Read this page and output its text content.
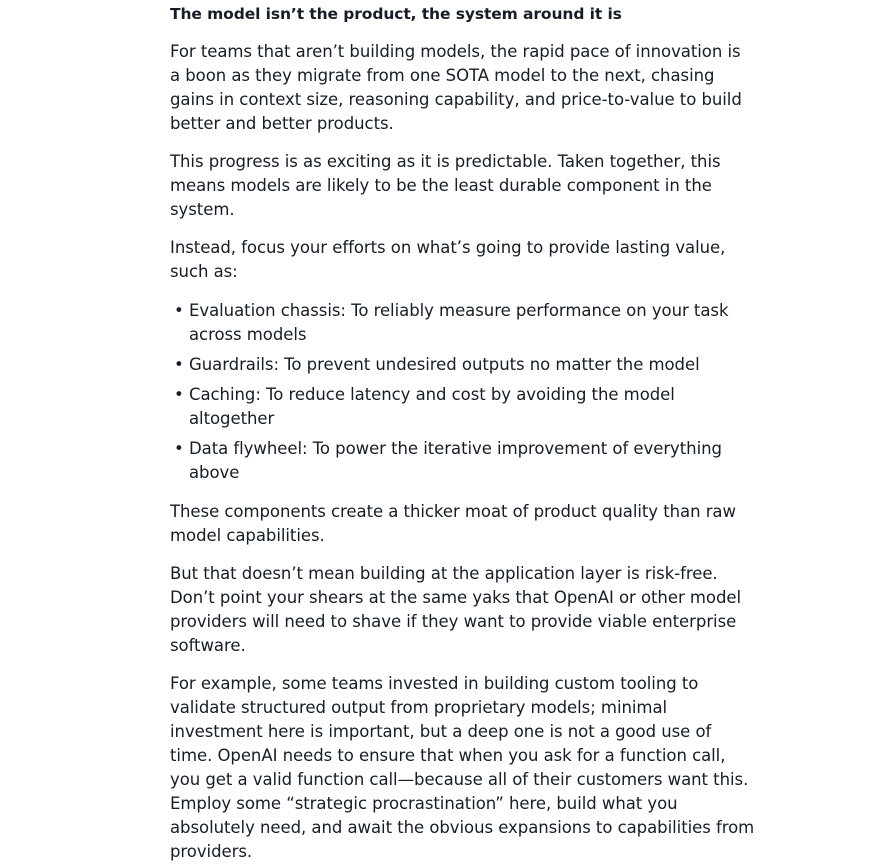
The model isn’t the product, the system around it is

For teams that aren’t building models, the rapid pace of innovation is a boon as they migrate from one SOTA model to the next, chasing gains in context size, reasoning capability, and price-to-value to build better and better products.

This progress is as exciting as it is predictable. Taken together, this means models are likely to be the least durable component in the system.

Instead, focus your efforts on what’s going to provide lasting value, such as:

• Evaluation chassis: To reliably measure performance on your task across models
• Guardrails: To prevent undesired outputs no matter the model
• Caching: To reduce latency and cost by avoiding the model altogether
• Data flywheel: To power the iterative improvement of everything above

These components create a thicker moat of product quality than raw model capabilities.

But that doesn’t mean building at the application layer is risk-free. Don’t point your shears at the same yaks that OpenAI or other model providers will need to shave if they want to provide viable enterprise software.

For example, some teams invested in building custom tooling to validate structured output from proprietary models; minimal investment here is important, but a deep one is not a good use of time. OpenAI needs to ensure that when you ask for a function call, you get a valid function call—because all of their customers want this. Employ some “strategic procrastination” here, build what you absolutely need, and await the obvious expansions to capabilities from providers.
